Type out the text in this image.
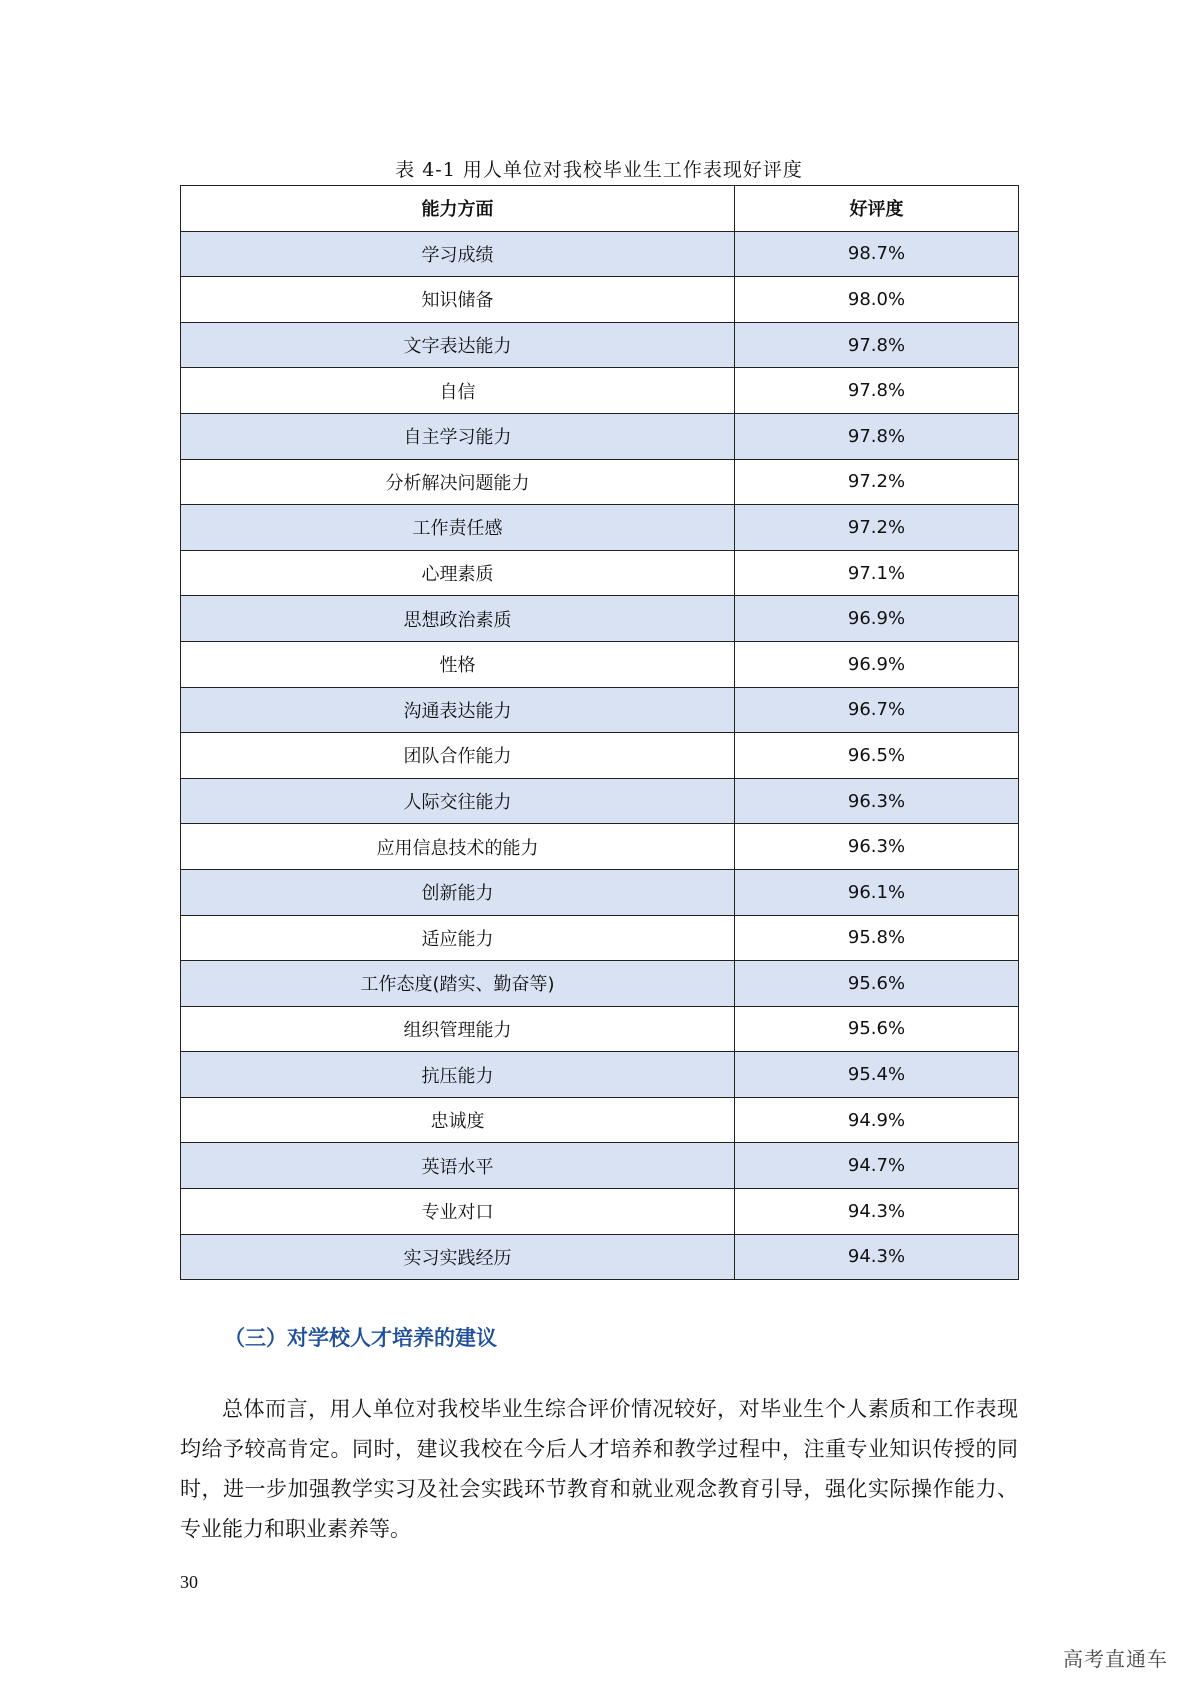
表 4-1 用人单位对我校毕业生工作表现好评度
能力方面	好评度
学习成绩	98.7%
知识储备	98.0%
文字表达能力	97.8%
自信	97.8%
自主学习能力	97.8%
分析解决问题能力	97.2%
工作责任感	97.2%
心理素质	97.1%
思想政治素质	96.9%
性格	96.9%
沟通表达能力	96.7%
团队合作能力	96.5%
人际交往能力	96.3%
应用信息技术的能力	96.3%
创新能力	96.1%
适应能力	95.8%
工作态度(踏实、勤奋等)	95.6%
组织管理能力	95.6%
抗压能力	95.4%
忠诚度	94.9%
英语水平	94.7%
专业对口	94.3%
实习实践经历	94.3%
（三）对学校人才培养的建议

总体而言，用人单位对我校毕业生综合评价情况较好，对毕业生个人素质和工作表现均给予较高肯定。同时，建议我校在今后人才培养和教学过程中，注重专业知识传授的同时，进一步加强教学实习及社会实践环节教育和就业观念教育引导，强化实际操作能力、专业能力和职业素养等。

30
高考直通车
